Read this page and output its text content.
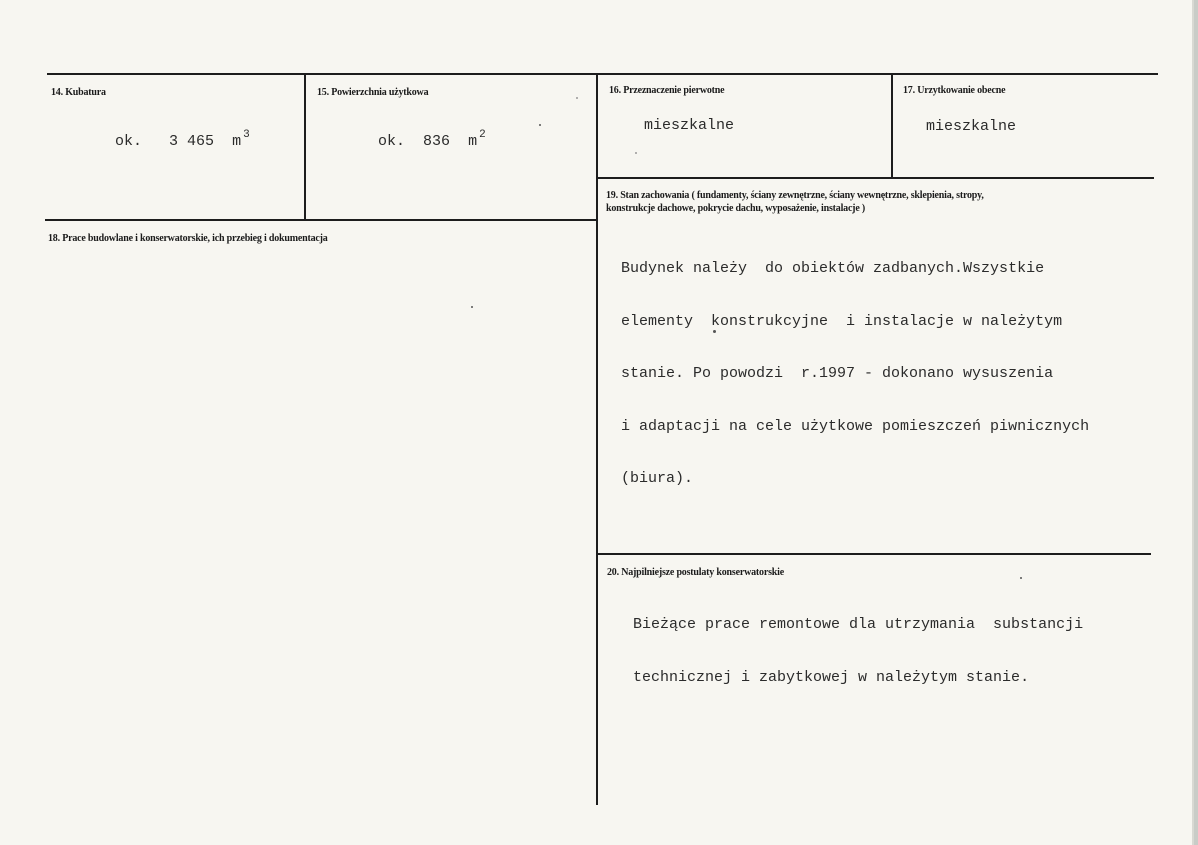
14. Kubatura

ok. 3 465 m $^3$

15. Powierzchnia użytkowa

ok. 836 m $^2$

16. Przeznaczenie pierwotne
mieszkalne
17. Urzytkowanie obecne
mieszkalne
18. Prace budowlane i konserwatorskie, ich przebieg i dokumentacja
19. Stan zachowania ( fundamenty, ściany zewnętrzne, ściany wewnętrzne, sklepienia, stropy,
konstrukcje dachowe, pokrycie dachu, wyposażenie, instalacje )

Budynek należy  do obiektów zadbanych.Wszystkie

elementy  konstrukcyjne  i instalacje w należytym

stanie. Po powodzi  r.1997 - dokonano wysuszenia

i adaptacji na cele użytkowe pomieszczeń piwnicznych

(biura).

20. Najpilniejsze postulaty konserwatorskie

Bieżące prace remontowe dla utrzymania  substancji

technicznej i zabytkowej w należytym stanie.
